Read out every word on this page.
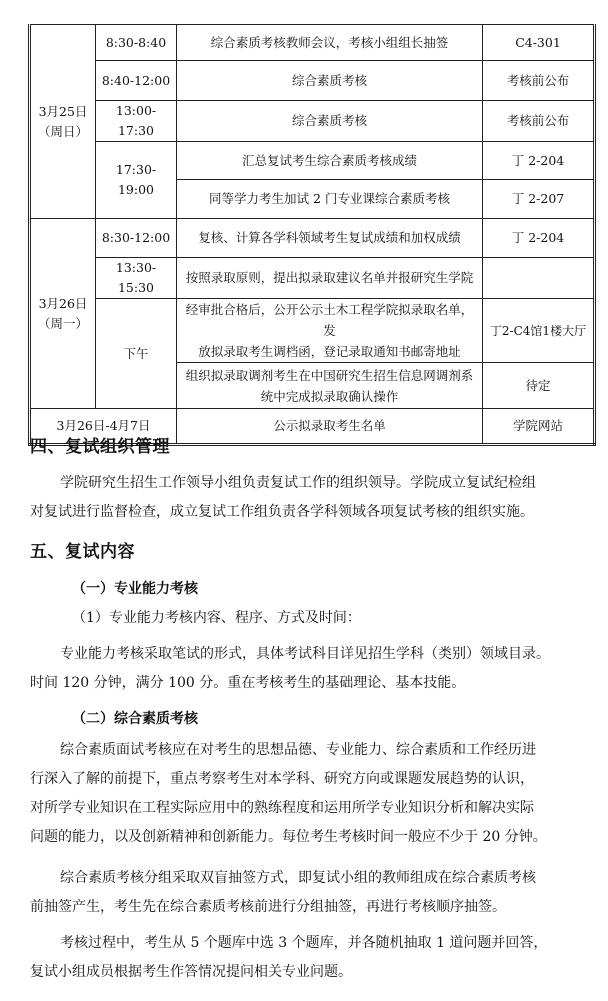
3月25日
（周日）	8:30-8:40	综合素质考核教师会议，考核小组组长抽签	C4-301
	8:40-12:00	综合素质考核	考核前公布
	13:00-17:30	综合素质考核	考核前公布
	17:30-19:00	汇总复试考生综合素质考核成绩	丁 2-204
		同等学力考生加试 2 门专业课综合素质考核	丁 2-207
3月26日
（周一）	8:30-12:00	复核、计算各学科领域考生复试成绩和加权成绩	丁 2-204
	13:30-15:30	按照录取原则，提出拟录取建议名单并报研究生学院	
	下午	经审批合格后，公开公示土木工程学院拟录取名单，发
放拟录取考生调档函，登记录取通知书邮寄地址	丁2-C4馆1楼大厅
		组织拟录取调剂考生在中国研究生招生信息网调剂系
统中完成拟录取确认操作	待定
3月26日-4月7日		公示拟录取考生名单	学院网站
四、复试组织管理
学院研究生招生工作领导小组负责复试工作的组织领导。学院成立复试纪检组
对复试进行监督检查，成立复试工作组负责各学科领域各项复试考核的组织实施。
五、复试内容
（一）专业能力考核
（1）专业能力考核内容、程序、方式及时间：
专业能力考核采取笔试的形式，具体考试科目详见招生学科（类别）领域目录。
时间 120 分钟，满分 100 分。重在考核考生的基础理论、基本技能。
（二）综合素质考核
综合素质面试考核应在对考生的思想品德、专业能力、综合素质和工作经历进
行深入了解的前提下，重点考察考生对本学科、研究方向或课题发展趋势的认识，
对所学专业知识在工程实际应用中的熟练程度和运用所学专业知识分析和解决实际
问题的能力，以及创新精神和创新能力。每位考生考核时间一般应不少于 20 分钟。
综合素质考核分组采取双盲抽签方式，即复试小组的教师组成在综合素质考核
前抽签产生，考生先在综合素质考核前进行分组抽签，再进行考核顺序抽签。
考核过程中，考生从 5 个题库中选 3 个题库，并各随机抽取 1 道问题并回答，
复试小组成员根据考生作答情况提问相关专业问题。
